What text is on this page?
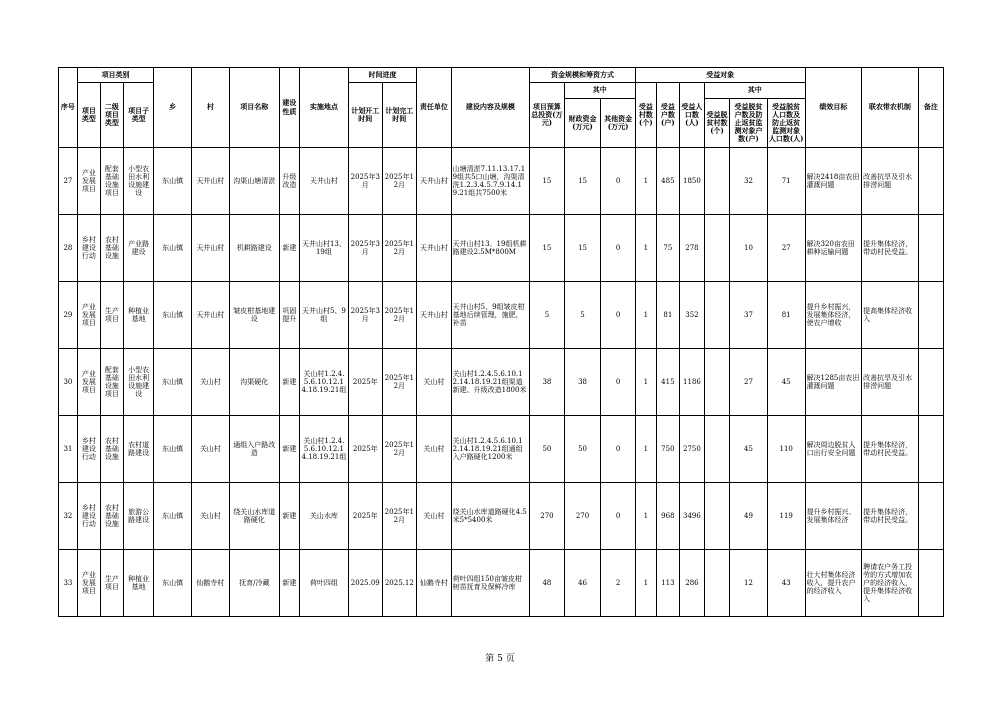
序号	项目类别			乡	村	项目名称	建设性质	实施地点	时间进度		责任单位	建设内容及规模	资金规模和筹资方式			受益对象						绩效目标	联农带农机制	备注
	项目类型	二级项目类型	项目子类型						计划开工时间	计划完工时间			项目预算总投资(万元)	其中		受益村数(个)	受益户数(户)	受益人口数(人)	其中					
														财政资金(万元)	其他资金(万元)				受益脱贫村数(个)	受益脱贫户数及防止返贫监测对象户数(户)	受益脱贫人口数及防止返贫监测对象人口数(人)			
27	产业发展项目	配套基础设施项目	小型农田水利设施建设	东山镇	天井山村	沟渠山塘清淤	升级改造	天井山村	2025年3月	2025年12月	天井山村	山塘清淤7.11.13.17.19组共5口山塘，沟渠清洗1.2.3.4.5.7.9.14.19.21组共7500米	15	15	0	1	485	1850		32	71	解决2418亩农田灌溉问题	改善抗旱及引水排涝问题	
28	乡村建设行动	农村基础设施	产业路建设	东山镇	天井山村	机耕路建设	新建	天井山村13、19组	2025年3月	2025年12月	天井山村	天井山村13、19组机耕路建设2.5M*800M	15	15	0	1	75	278		10	27	解决320亩农田耕种运输问题	提升集体经济，带动村民受益。	
29	产业发展项目	生产项目	种植业基地	东山镇	天井山村	皱皮柑基地建设	巩固提升	天井山村5、9组	2025年3月	2025年12月	天井山村	天井山村5、9组皱皮柑基地后续管理，施肥，补苗	5	5	0	1	81	352		37	81	提升乡村振兴，发展集体经济，使农户增收	提高集体经济收入	
30	产业发展项目	配套基础设施项目	小型农田水利设施建设	东山镇	关山村	沟渠硬化	新建	关山村1.2.4.5.6.10.12.14.18.19.21组	2025年	2025年12月	关山村	关山村1.2.4.5.6.10.12.14.18.19.21组渠道新建、升级改造1800米	38	38	0	1	415	1186		27	45	解决1285亩农田灌溉问题	改善抗旱及引水排涝问题	
31	乡村建设行动	农村基础设施	农村道路建设	东山镇	关山村	通组入户路改造	新建	关山村1.2.4.5.6.10.12.14.18.19.21组	2025年	2025年12月	关山村	关山村1.2.4.5.6.10.12.14.18.19.21组通组入户路硬化1200米	50	50	0	1	750	2750		45	110	解决周边脱贫人口出行安全问题	提升集体经济，带动村民受益。	
32	乡村建设行动	农村基础设施	旅游公路建设	东山镇	关山村	绕关山水库道路硬化	新建	关山水库	2025年	2025年12月	关山村	绕关山水库道路硬化4.5米5*5400米	270	270	0	1	968	3496		49	119	提升乡村振兴、发展集体经济	提升集体经济，带动村民受益。	
33	产业发展项目	生产项目	种植业基地	东山镇	仙鹅寺村	抚育/冷藏	新建	荷叶四组	2025.09	2025.12	仙鹅寺村	荷叶四组150亩皱皮柑树苗抚育及保鲜冷库	48	46	2	1	113	286		12	43	壮大村集体经济收入，提升农户的经济收入	聘请农户务工投劳的方式增加农户的经济收入，提升集体经济收入	
第 5 页
